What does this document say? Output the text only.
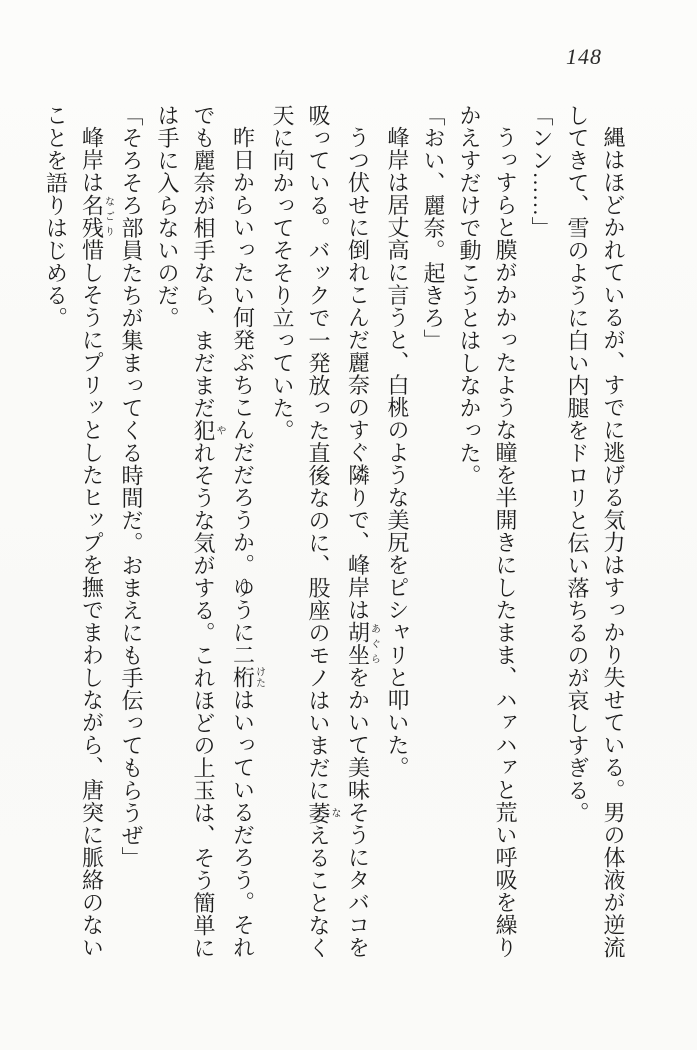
148

縄はほどかれているが、すでに逃げる気力はすっかり失せている。男の体液が逆流

してきて、雪のように白い内腿をドロリと伝い落ちるのが哀しすぎる。

「ンン……」

うっすらと膜がかかったような瞳を半開きにしたまま、ハァハァと荒い呼吸を繰り

かえすだけで動こうとはしなかった。

「おい、麗奈。起きろ」

峰岸は居丈高に言うと、白桃のような美尻をピシャリと叩いた。

うつ伏せに倒れこんだ麗奈のすぐ隣りで、峰岸は胡坐あぐらをかいて美味そうにタバコを

吸っている。バックで一発放った直後なのに、股座のモノはいまだに萎なえることなく

天に向かってそそり立っていた。

昨日からいったい何発ぶちこんだだろうか。ゆうに二桁けたはいっているだろう。それ

でも麗奈が相手なら、まだまだ犯やれそうな気がする。これほどの上玉は、そう簡単に

は手に入らないのだ。

「そろそろ部員たちが集まってくる時間だ。おまえにも手伝ってもらうぜ」

峰岸は名残なごり惜しそうにプリッとしたヒップを撫でまわしながら、唐突に脈絡のない

ことを語りはじめる。
